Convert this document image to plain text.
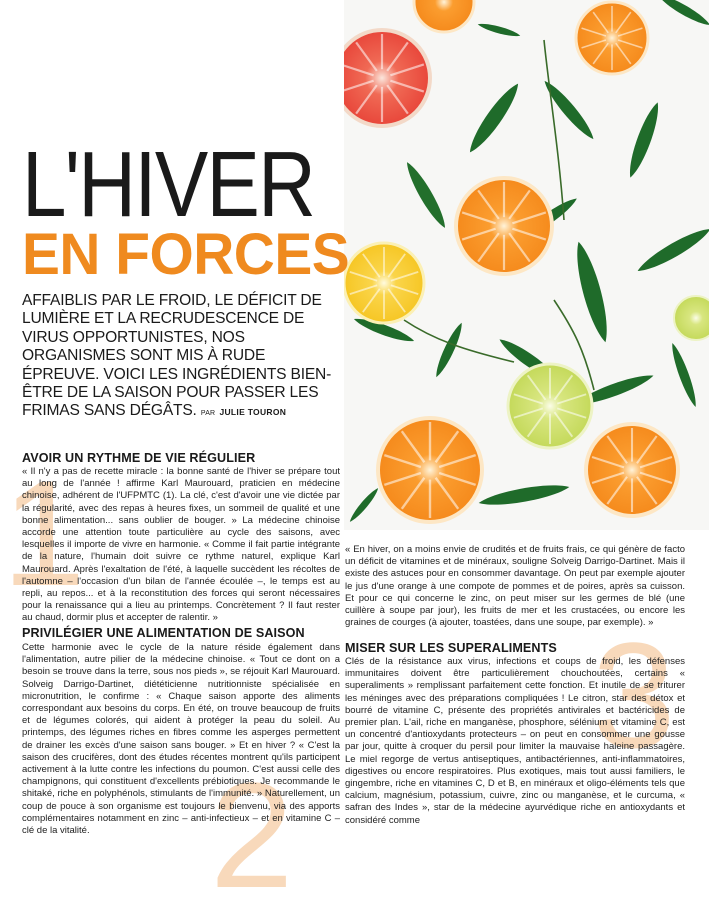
L'HIVER
EN FORCES

AFFAIBLIS PAR LE FROID, LE DÉFICIT DE LUMIÈRE ET LA RECRUDESCENCE DE VIRUS OPPORTUNISTES, NOS ORGANISMES SONT MIS À RUDE ÉPREUVE. VOICI LES INGRÉDIENTS BIEN-ÊTRE DE LA SAISON POUR PASSER LES FRIMAS SANS DÉGÂTS. PAR JULIE TOURON

1
2
3
AVOIR UN RYTHME DE VIE RÉGULIER

« Il n'y a pas de recette miracle : la bonne santé de l'hiver se prépare tout au long de l'année ! affirme Karl Maurouard, praticien en médecine chinoise, adhérent de l'UFPMTC (1). La clé, c'est d'avoir une vie dictée par la régularité, avec des repas à heures fixes, un sommeil de qualité et une bonne alimentation... sans oublier de bouger. » La médecine chinoise accorde une attention toute particulière au cycle des saisons, avec lesquelles il importe de vivre en harmonie. « Comme il fait partie intégrante de la nature, l'humain doit suivre ce rythme naturel, explique Karl Maurouard. Après l'exaltation de l'été, à laquelle succèdent les récoltes de l'automne – l'occasion d'un bilan de l'année écoulée –, le temps est au repli, au repos... et à la reconstitution des forces qui seront nécessaires pour la renaissance qui a lieu au printemps. Concrètement ? Il faut rester au chaud, dormir plus et accepter de ralentir. »

PRIVILÉGIER UNE ALIMENTATION DE SAISON

Cette harmonie avec le cycle de la nature réside également dans l'alimentation, autre pilier de la médecine chinoise. « Tout ce dont on a besoin se trouve dans la terre, sous nos pieds », se réjouit Karl Maurouard. Solveig Darrigo-Dartinet, diététicienne nutritionniste spécialisée en micronutrition, le confirme : « Chaque saison apporte des aliments correspondant aux besoins du corps. En été, on trouve beaucoup de fruits et de légumes colorés, qui aident à protéger la peau du soleil. Au printemps, des légumes riches en fibres comme les asperges permettent de drainer les excès d'une saison sans bouger. » Et en hiver ? « C'est la saison des crucifères, dont des études récentes montrent qu'ils participent activement à la lutte contre les infections du poumon. C'est aussi celle des champignons, qui constituent d'excellents prébiotiques. Je recommande le shitaké, riche en polyphénols, stimulants de l'immunité. » Naturellement, un coup de pouce à son organisme est toujours le bienvenu, via des apports complémentaires notamment en zinc – anti-infectieux – et en vitamine C – clé de la vitalité.

« En hiver, on a moins envie de crudités et de fruits frais, ce qui génère de facto un déficit de vitamines et de minéraux, souligne Solveig Darrigo-Dartinet. Mais il existe des astuces pour en consommer davantage. On peut par exemple ajouter le jus d'une orange à une compote de pommes et de poires, après sa cuisson. Et pour ce qui concerne le zinc, on peut miser sur les germes de blé (une cuillère à soupe par jour), les fruits de mer et les crustacées, ou encore les graines de courges (à ajouter, toastées, dans une soupe, par exemple). »

MISER SUR LES SUPERALIMENTS

Clés de la résistance aux virus, infections et coups de froid, les défenses immunitaires doivent être particulièrement chouchoutées, certains « superaliments » remplissant parfaitement cette fonction. Et inutile de se triturer les méninges avec des préparations compliquées ! Le citron, star des détox et bourré de vitamine C, présente des propriétés antivirales et bactéricides de premier plan. L'ail, riche en manganèse, phosphore, sélénium et vitamine C, est un concentré d'antioxydants protecteurs – on peut en consommer une gousse par jour, quitte à croquer du persil pour limiter la mauvaise haleine passagère. Le miel regorge de vertus antiseptiques, antibactériennes, anti-inflammatoires, digestives ou encore respiratoires. Plus exotiques, mais tout aussi familiers, le gingembre, riche en vitamines C, D et B, en minéraux et oligo-éléments tels que calcium, magnésium, potassium, cuivre, zinc ou manganèse, et le curcuma, « safran des Indes », star de la médecine ayurvédique riche en antioxydants et considéré comme
